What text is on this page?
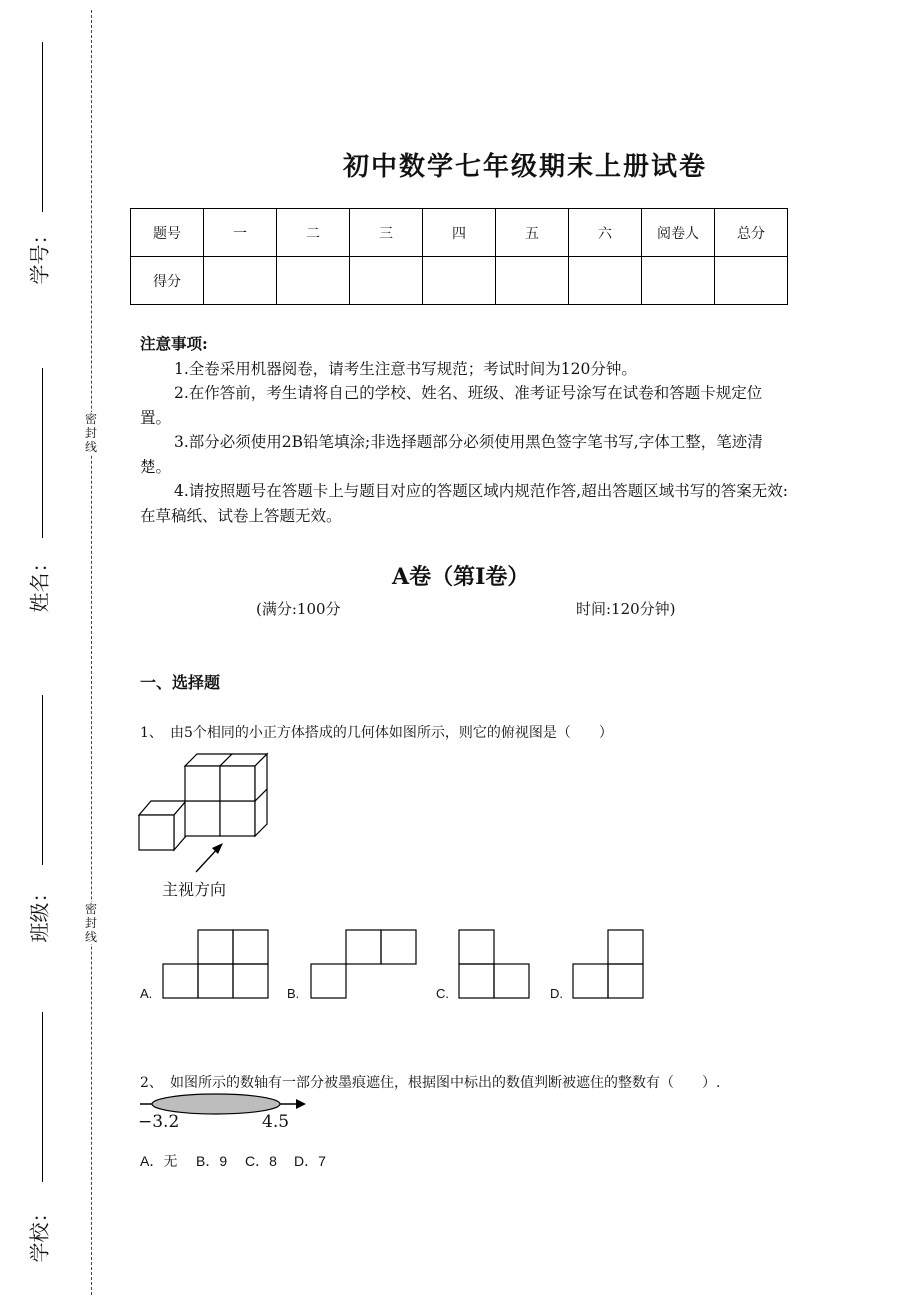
学号：
姓名：
班级：
学校：
密封线
密封线
初中数学七年级期末上册试卷
题号	一	二	三	四	五	六	阅卷人	总分
得分								

注意事项:

1.全卷采用机器阅卷，请考生注意书写规范；考试时间为120分钟。

2.在作答前，考生请将自己的学校、姓名、班级、准考证号涂写在试卷和答题卡规定位置。

3.部分必须使用2B铅笔填涂;非选择题部分必须使用黑色签字笔书写,字体工整，笔迹清楚。

4.请按照题号在答题卡上与题目对应的答题区域内规范作答,超出答题区域书写的答案无效:在草稿纸、试卷上答题无效。

A卷（第Ⅰ卷）
(满分:100分	时间:120分钟)
一、选择题
1、 由5个相同的小正方体搭成的几何体如图所示，则它的俯视图是（　　）
主视方向
A.	B.	C.	D.
2、 如图所示的数轴有一部分被墨痕遮住，根据图中标出的数值判断被遮住的整数有（　　）.
−3.2	4.5
A．无 B．9 C．8 D．7
